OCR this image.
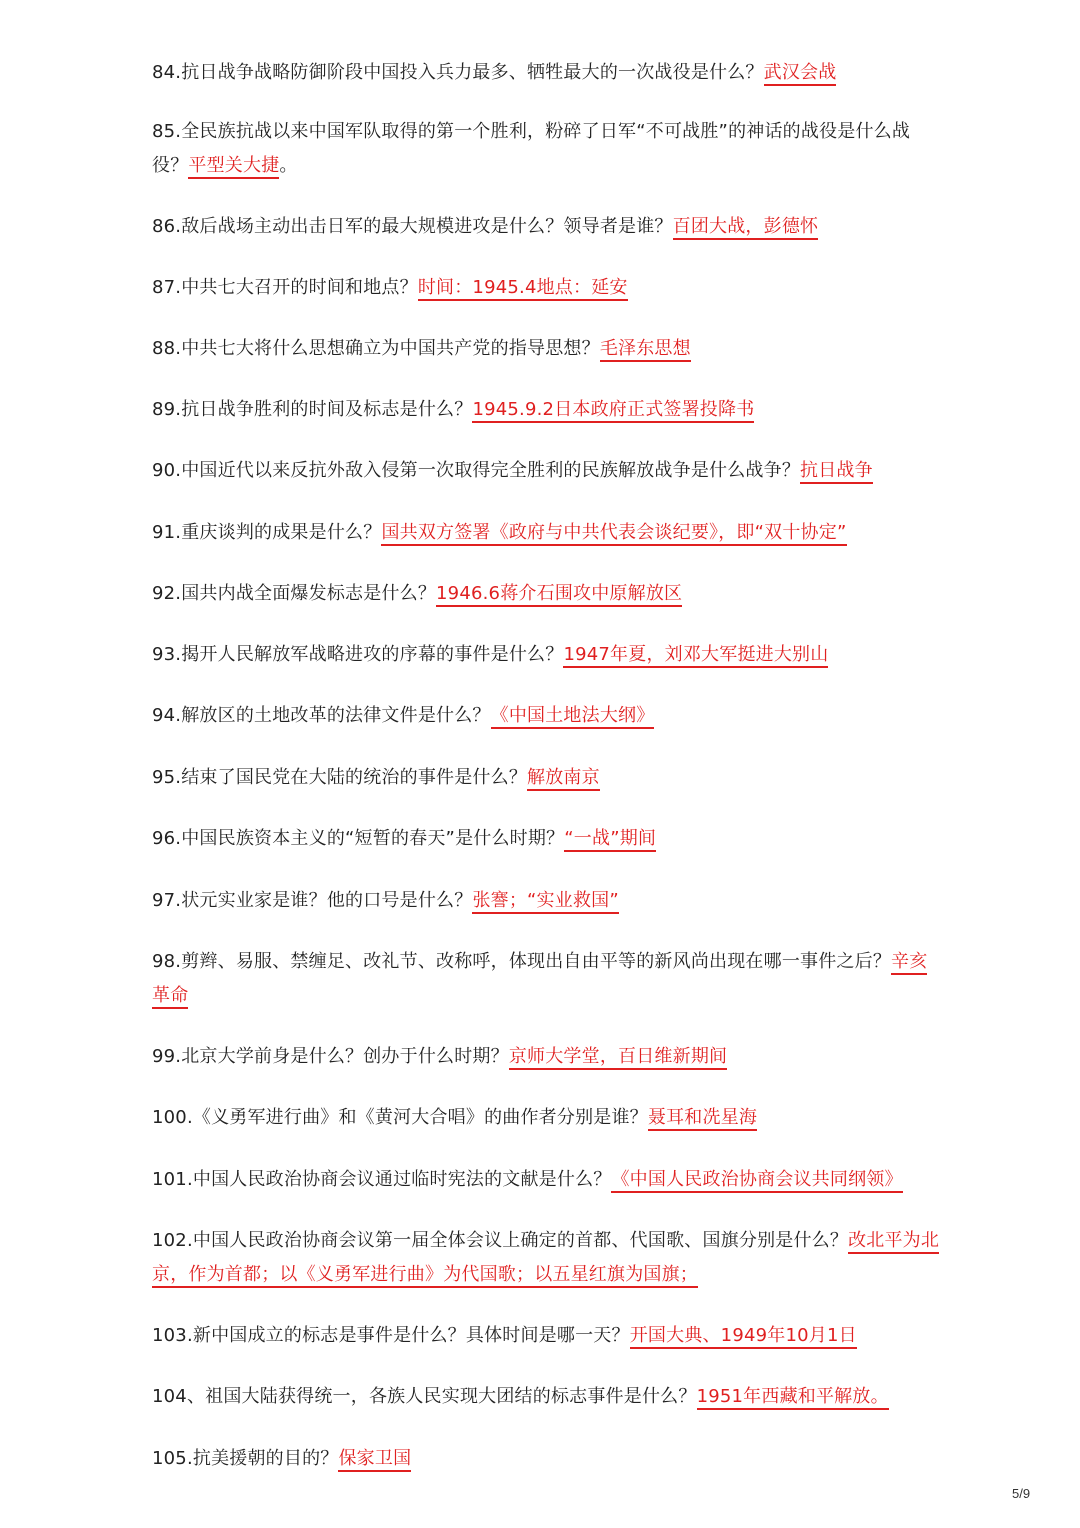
84.抗日战争战略防御阶段中国投入兵力最多、牺牲最大的一次战役是什么？武汉会战
85.全民族抗战以来中国军队取得的第一个胜利，粉碎了日军“不可战胜”的神话的战役是什么战役？平型关大捷。
86.敌后战场主动出击日军的最大规模进攻是什么？领导者是谁？百团大战，彭德怀
87.中共七大召开的时间和地点？时间：1945.4地点：延安
88.中共七大将什么思想确立为中国共产党的指导思想？毛泽东思想
89.抗日战争胜利的时间及标志是什么？1945.9.2日本政府正式签署投降书
90.中国近代以来反抗外敌入侵第一次取得完全胜利的民族解放战争是什么战争？抗日战争
91.重庆谈判的成果是什么？国共双方签署《政府与中共代表会谈纪要》，即“双十协定”
92.国共内战全面爆发标志是什么？1946.6蒋介石围攻中原解放区
93.揭开人民解放军战略进攻的序幕的事件是什么？1947年夏，刘邓大军挺进大别山
94.解放区的土地改革的法律文件是什么？《中国土地法大纲》
95.结束了国民党在大陆的统治的事件是什么？解放南京
96.中国民族资本主义的“短暂的春天”是什么时期？“一战”期间
97.状元实业家是谁？他的口号是什么？张謇；“实业救国”
98.剪辫、易服、禁缠足、改礼节、改称呼，体现出自由平等的新风尚出现在哪一事件之后？辛亥革命
99.北京大学前身是什么？创办于什么时期？京师大学堂，百日维新期间
100.《义勇军进行曲》和《黄河大合唱》的曲作者分别是谁？聂耳和冼星海
101.中国人民政治协商会议通过临时宪法的文献是什么？《中国人民政治协商会议共同纲领》
102.中国人民政治协商会议第一届全体会议上确定的首都、代国歌、国旗分别是什么？改北平为北京，作为首都；以《义勇军进行曲》为代国歌；以五星红旗为国旗；
103.新中国成立的标志是事件是什么？具体时间是哪一天？开国大典、1949年10月1日
104、祖国大陆获得统一，各族人民实现大团结的标志事件是什么？1951年西藏和平解放。
105.抗美援朝的目的？保家卫国
5/9
